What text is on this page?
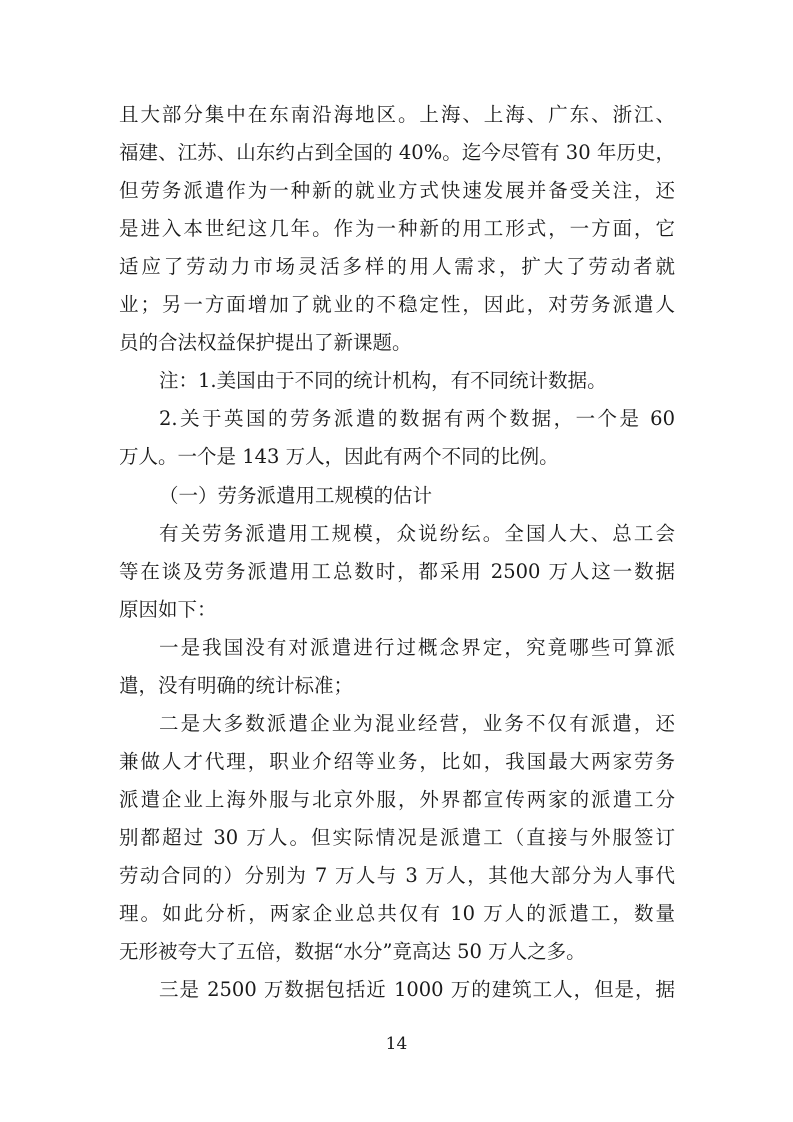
且大部分集中在东南沿海地区。上海、上海、广东、浙江、
福建、江苏、山东约占到全国的 40%。迄今尽管有 30 年历史，
但劳务派遣作为一种新的就业方式快速发展并备受关注，还
是进入本世纪这几年。作为一种新的用工形式，一方面，它
适应了劳动力市场灵活多样的用人需求，扩大了劳动者就
业；另一方面增加了就业的不稳定性，因此，对劳务派遣人
员的合法权益保护提出了新课题。
注：1.美国由于不同的统计机构，有不同统计数据。
2.关于英国的劳务派遣的数据有两个数据，一个是 60
万人。一个是 143 万人，因此有两个不同的比例。
（一）劳务派遣用工规模的估计
有关劳务派遣用工规模，众说纷纭。全国人大、总工会
等在谈及劳务派遣用工总数时，都采用 2500 万人这一数据
原因如下：
一是我国没有对派遣进行过概念界定，究竟哪些可算派
遣，没有明确的统计标准；
二是大多数派遣企业为混业经营，业务不仅有派遣，还
兼做人才代理，职业介绍等业务，比如，我国最大两家劳务
派遣企业上海外服与北京外服，外界都宣传两家的派遣工分
别都超过 30 万人。但实际情况是派遣工（直接与外服签订
劳动合同的）分别为 7 万人与 3 万人，其他大部分为人事代
理。如此分析，两家企业总共仅有 10 万人的派遣工，数量
无形被夸大了五倍，数据“水分”竟高达 50 万人之多。
三是 2500 万数据包括近 1000 万的建筑工人，但是，据
14
